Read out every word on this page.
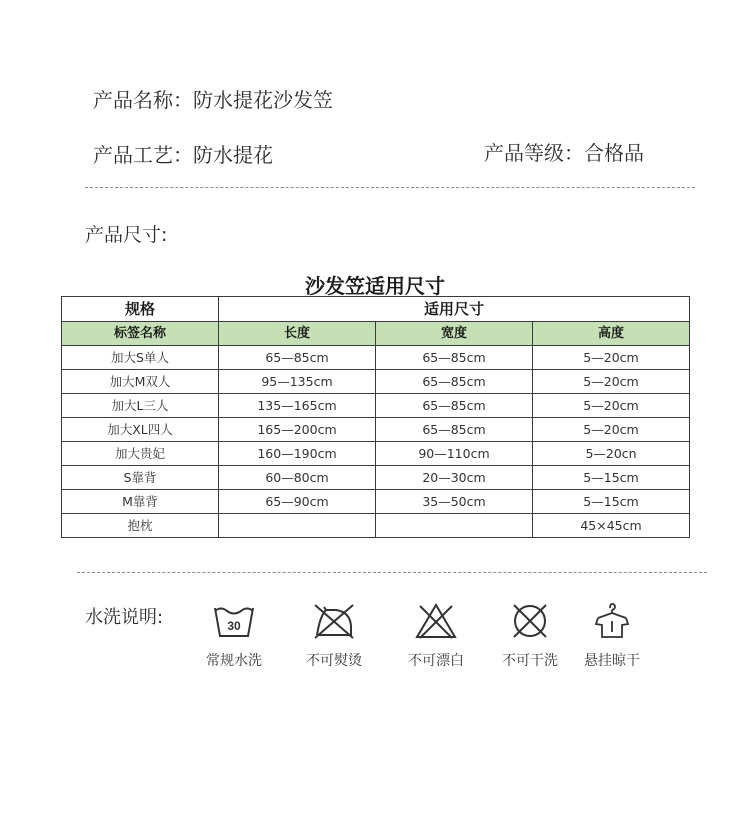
产品名称：防水提花沙发笠
产品工艺：防水提花	产品等级：合格品
产品尺寸:
沙发笠适用尺寸
规格	适用尺寸		
标签名称	长度	宽度	高度
加大S单人	65—85cm	65—85cm	5—20cm
加大M双人	95—135cm	65—85cm	5—20cm
加大L三人	135—165cm	65—85cm	5—20cm
加大XL四人	165—200cm	65—85cm	5—20cm
加大贵妃	160—190cm	90—110cm	5—20cn
S靠背	60—80cm	20—30cm	5—15cm
M靠背	65—90cm	35—50cm	5—15cm
抱枕			45×45cm
水洗说明:	30
常规水洗	不可熨烫	不可漂白	不可干洗	悬挂晾干
